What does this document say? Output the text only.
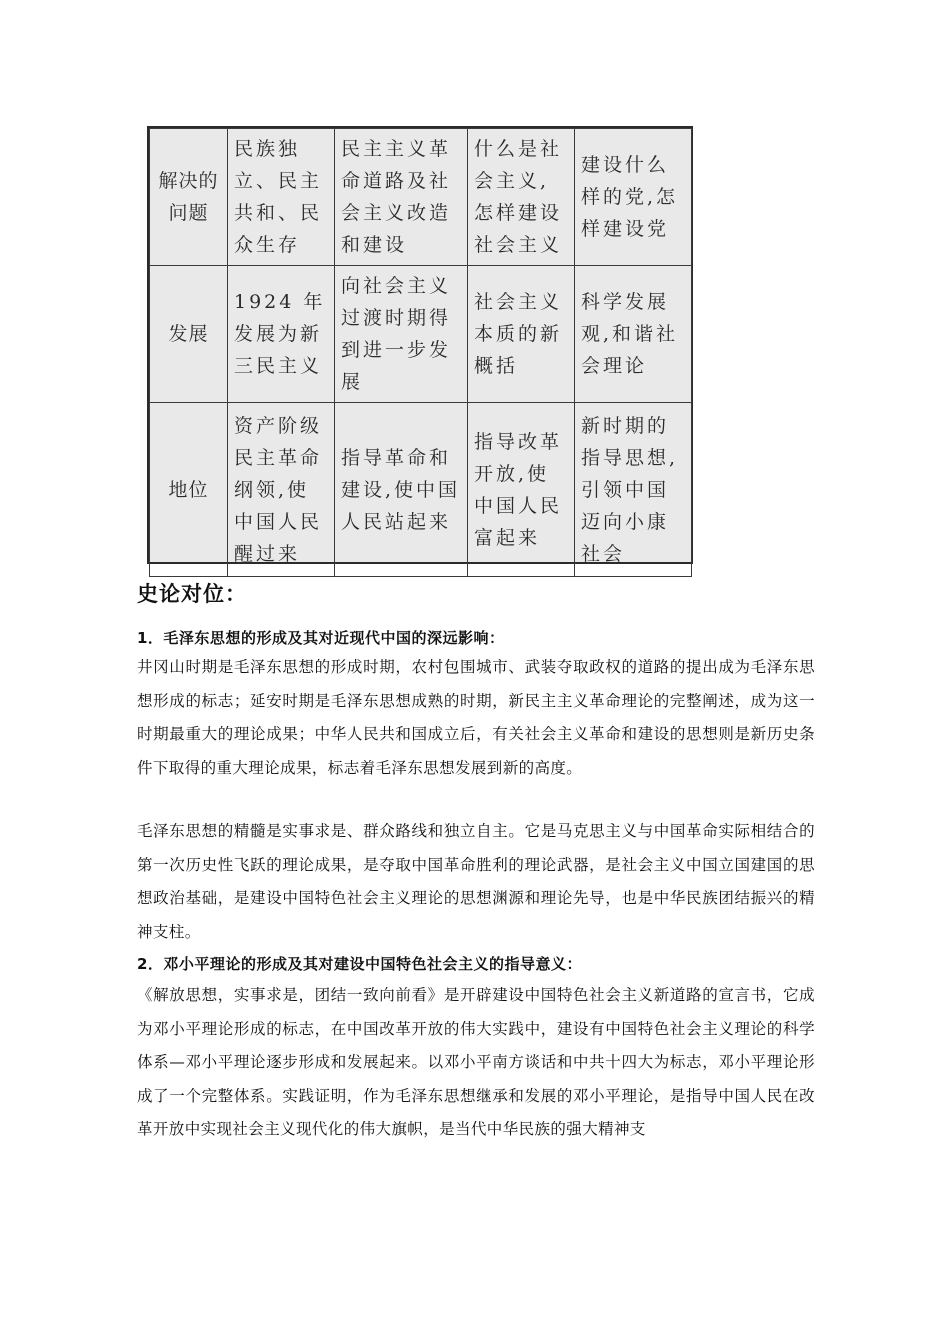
解决的问题	民族独立、民主共和、民众生存	民主主义革命道路及社会主义改造和建设	什么是社会主义,怎样建设社会主义	建设什么样的党,怎样建设党
发展	1924 年发展为新三民主义	向社会主义过渡时期得到进一步发展	社会主义本质的新概括	科学发展观,和谐社会理论
地位	资产阶级民主革命纲领,使中国人民醒过来	指导革命和建设,使中国人民站起来	指导改革开放,使中国人民富起来	新时期的指导思想,引领中国迈向小康社会
史论对位：
1．毛泽东思想的形成及其对近现代中国的深远影响：
井冈山时期是毛泽东思想的形成时期，农村包围城市、武装夺取政权的道路的提出成为毛泽东思想形成的标志；延安时期是毛泽东思想成熟的时期，新民主主义革命理论的完整阐述，成为这一时期最重大的理论成果；中华人民共和国成立后，有关社会主义革命和建设的思想则是新历史条件下取得的重大理论成果，标志着毛泽东思想发展到新的高度。
毛泽东思想的精髓是实事求是、群众路线和独立自主。它是马克思主义与中国革命实际相结合的第一次历史性飞跃的理论成果，是夺取中国革命胜利的理论武器，是社会主义中国立国建国的思想政治基础，是建设中国特色社会主义理论的思想渊源和理论先导，也是中华民族团结振兴的精神支柱。
2．邓小平理论的形成及其对建设中国特色社会主义的指导意义：
《解放思想，实事求是，团结一致向前看》是开辟建设中国特色社会主义新道路的宣言书，它成为邓小平理论形成的标志，在中国改革开放的伟大实践中，建设有中国特色社会主义理论的科学体系—邓小平理论逐步形成和发展起来。以邓小平南方谈话和中共十四大为标志，邓小平理论形成了一个完整体系。实践证明，作为毛泽东思想继承和发展的邓小平理论，是指导中国人民在改革开放中实现社会主义现代化的伟大旗帜，是当代中华民族的强大精神支
